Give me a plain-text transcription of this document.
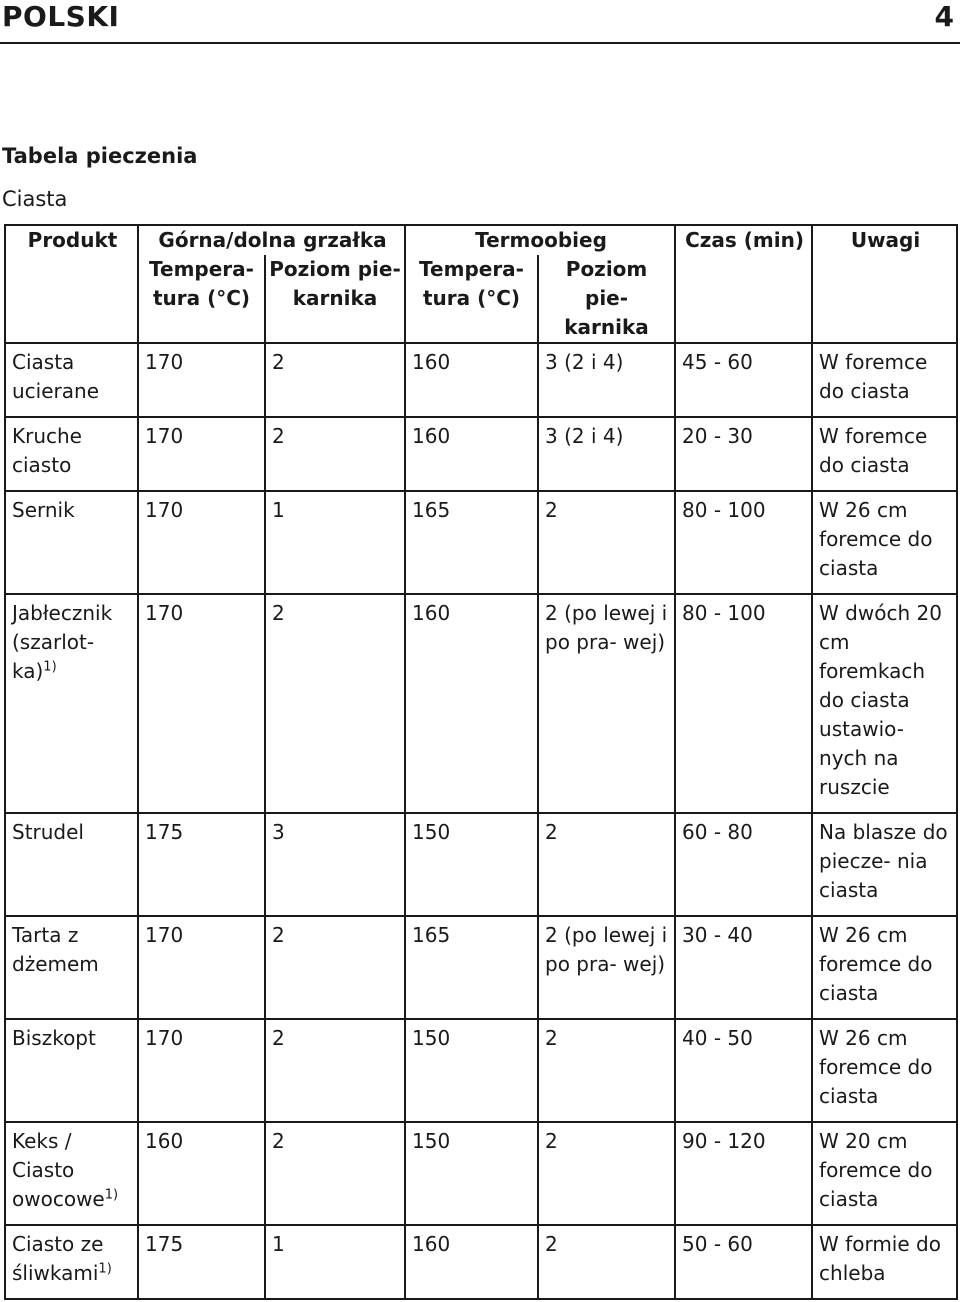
POLSKI	4
Tabela pieczenia
Ciasta
Produkt	Górna/dolna grzałka		Termoobieg		Czas (min)	Uwagi
	Tempera- tura (°C)	Poziom pie- karnika	Tempera- tura (°C)	Poziom pie- karnika		
Ciasta ucierane	170	2	160	3 (2 i 4)	45 - 60	W foremce do ciasta
Kruche ciasto	170	2	160	3 (2 i 4)	20 - 30	W foremce do ciasta
Sernik	170	1	165	2	80 - 100	W 26 cm foremce do ciasta
Jabłecznik (szarlot- ka)$^{1)}$	170	2	160	2 (po lewej i po pra- wej)	80 - 100	W dwóch 20 cm foremkach do ciasta ustawio- nych na ruszcie
Strudel	175	3	150	2	60 - 80	Na blasze do piecze- nia ciasta
Tarta z dżemem	170	2	165	2 (po lewej i po pra- wej)	30 - 40	W 26 cm foremce do ciasta
Biszkopt	170	2	150	2	40 - 50	W 26 cm foremce do ciasta
Keks / Ciasto owocowe$^{1)}$	160	2	150	2	90 - 120	W 20 cm foremce do ciasta
Ciasto ze śliwkami$^{1)}$	175	1	160	2	50 - 60	W formie do chleba
